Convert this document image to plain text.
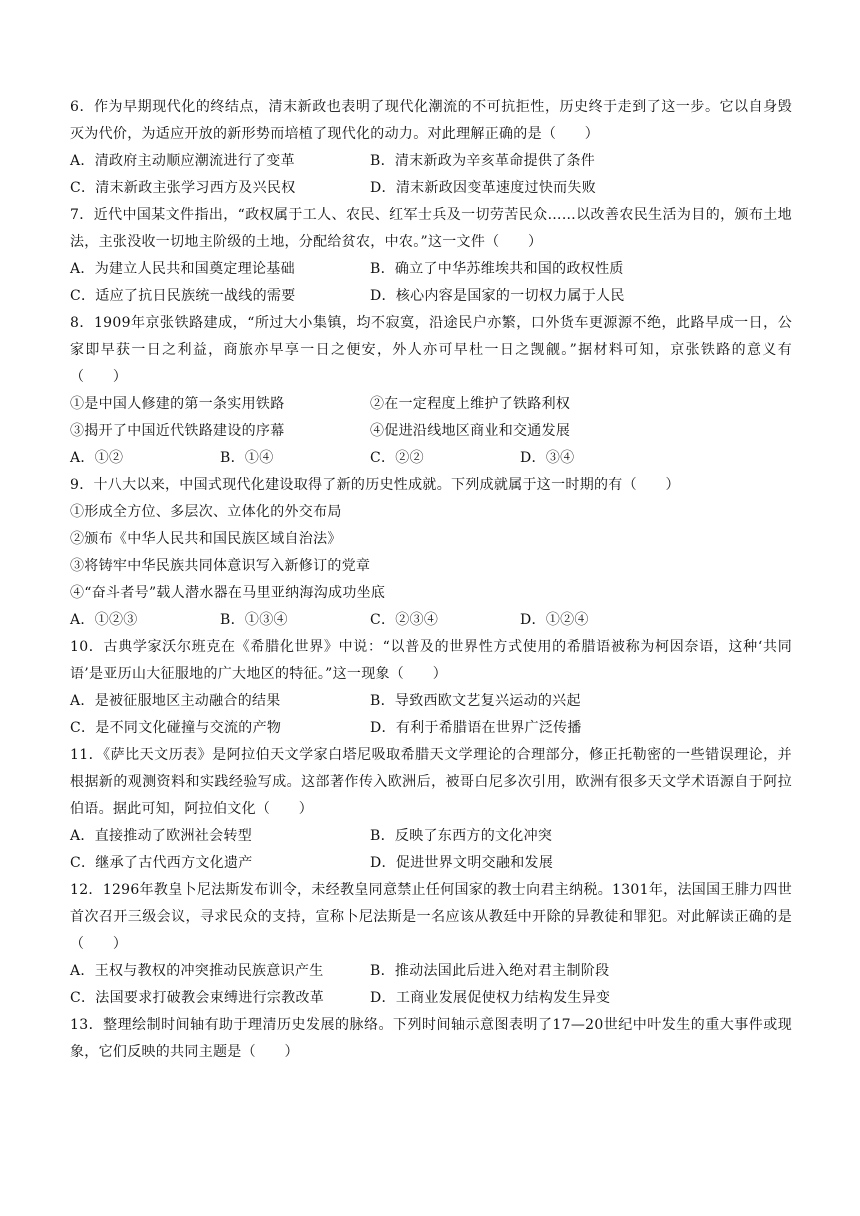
6．作为早期现代化的终结点，清末新政也表明了现代化潮流的不可抗拒性，历史终于走到了这一步。它以自身毁灭为代价，为适应开放的新形势而培植了现代化的动力。对此理解正确的是（　　）

A．清政府主动顺应潮流进行了变革	B．清末新政为辛亥革命提供了条件
C．清末新政主张学习西方及兴民权	D．清末新政因变革速度过快而失败

7．近代中国某文件指出，“政权属于工人、农民、红军士兵及一切劳苦民众……以改善农民生活为目的，颁布土地法，主张没收一切地主阶级的土地，分配给贫农，中农。”这一文件（　　）

A．为建立人民共和国奠定理论基础	B．确立了中华苏维埃共和国的政权性质
C．适应了抗日民族统一战线的需要	D．核心内容是国家的一切权力属于人民

8．1909年京张铁路建成，“所过大小集镇，均不寂寞，沿途民户亦繁，口外货车更源源不绝，此路早成一日，公家即早获一日之利益，商旅亦早享一日之便安，外人亦可早杜一日之觊觎。”据材料可知，京张铁路的意义有（　　）

①是中国人修建的第一条实用铁路	②在一定程度上维护了铁路利权
③揭开了中国近代铁路建设的序幕	④促进沿线地区商业和交通发展
A．①②	B．①④	C．②②	D．③④

9．十八大以来，中国式现代化建设取得了新的历史性成就。下列成就属于这一时期的有（　　）

①形成全方位、多层次、立体化的外交布局
②颁布《中华人民共和国民族区域自治法》
③将铸牢中华民族共同体意识写入新修订的党章
④“奋斗者号”载人潜水器在马里亚纳海沟成功坐底
A．①②③	B．①③④	C．②③④	D．①②④

10．古典学家沃尔班克在《希腊化世界》中说：“以普及的世界性方式使用的希腊语被称为柯因奈语，这种‘共同语’是亚历山大征服地的广大地区的特征。”这一现象（　　）

A．是被征服地区主动融合的结果	B．导致西欧文艺复兴运动的兴起
C．是不同文化碰撞与交流的产物	D．有利于希腊语在世界广泛传播

11．《萨比天文历表》是阿拉伯天文学家白塔尼吸取希腊天文学理论的合理部分，修正托勒密的一些错误理论，并根据新的观测资料和实践经验写成。这部著作传入欧洲后，被哥白尼多次引用，欧洲有很多天文学术语源自于阿拉伯语。据此可知，阿拉伯文化（　　）

A．直接推动了欧洲社会转型	B．反映了东西方的文化冲突
C．继承了古代西方文化遗产	D．促进世界文明交融和发展

12．1296年教皇卜尼法斯发布训令，未经教皇同意禁止任何国家的教士向君主纳税。1301年，法国国王腓力四世首次召开三级会议，寻求民众的支持，宣称卜尼法斯是一名应该从教廷中开除的异教徒和罪犯。对此解读正确的是（　　）

A．王权与教权的冲突推动民族意识产生	B．推动法国此后进入绝对君主制阶段
C．法国要求打破教会束缚进行宗教改革	D．工商业发展促使权力结构发生异变

13．整理绘制时间轴有助于理清历史发展的脉络。下列时间轴示意图表明了17—20世纪中叶发生的重大事件或现象，它们反映的共同主题是（　　）
